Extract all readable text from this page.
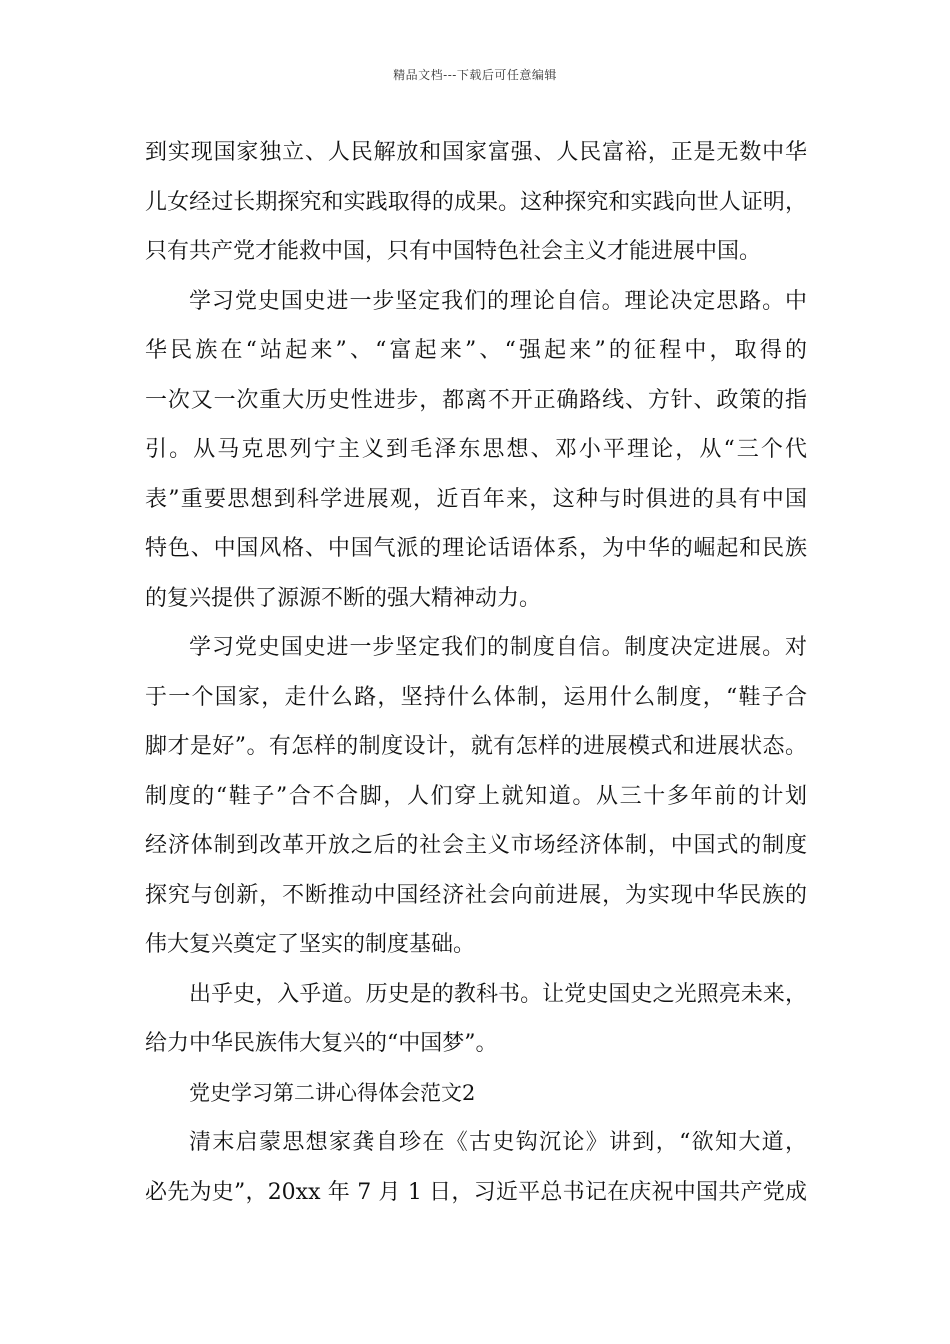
精品文档---下载后可任意编辑
到实现国家独立、人民解放和国家富强、人民富裕，正是无数中华
儿女经过长期探究和实践取得的成果。这种探究和实践向世人证明，
只有共产党才能救中国，只有中国特色社会主义才能进展中国。
学习党史国史进一步坚定我们的理论自信。理论决定思路。中
华民族在“站起来”、“富起来”、“强起来”的征程中，取得的
一次又一次重大历史性进步，都离不开正确路线、方针、政策的指
引。从马克思列宁主义到毛泽东思想、邓小平理论，从“三个代
表”重要思想到科学进展观，近百年来，这种与时俱进的具有中国
特色、中国风格、中国气派的理论话语体系，为中华的崛起和民族
的复兴提供了源源不断的强大精神动力。
学习党史国史进一步坚定我们的制度自信。制度决定进展。对
于一个国家，走什么路，坚持什么体制，运用什么制度，“鞋子合
脚才是好”。有怎样的制度设计，就有怎样的进展模式和进展状态。
制度的“鞋子”合不合脚，人们穿上就知道。从三十多年前的计划
经济体制到改革开放之后的社会主义市场经济体制，中国式的制度
探究与创新，不断推动中国经济社会向前进展，为实现中华民族的
伟大复兴奠定了坚实的制度基础。
出乎史，入乎道。历史是的教科书。让党史国史之光照亮未来，
给力中华民族伟大复兴的“中国梦”。
党史学习第二讲心得体会范文2
清末启蒙思想家龚自珍在《古史钩沉论》讲到，“欲知大道，
必先为史”，20xx 年 7 月 1 日，习近平总书记在庆祝中国共产党成
